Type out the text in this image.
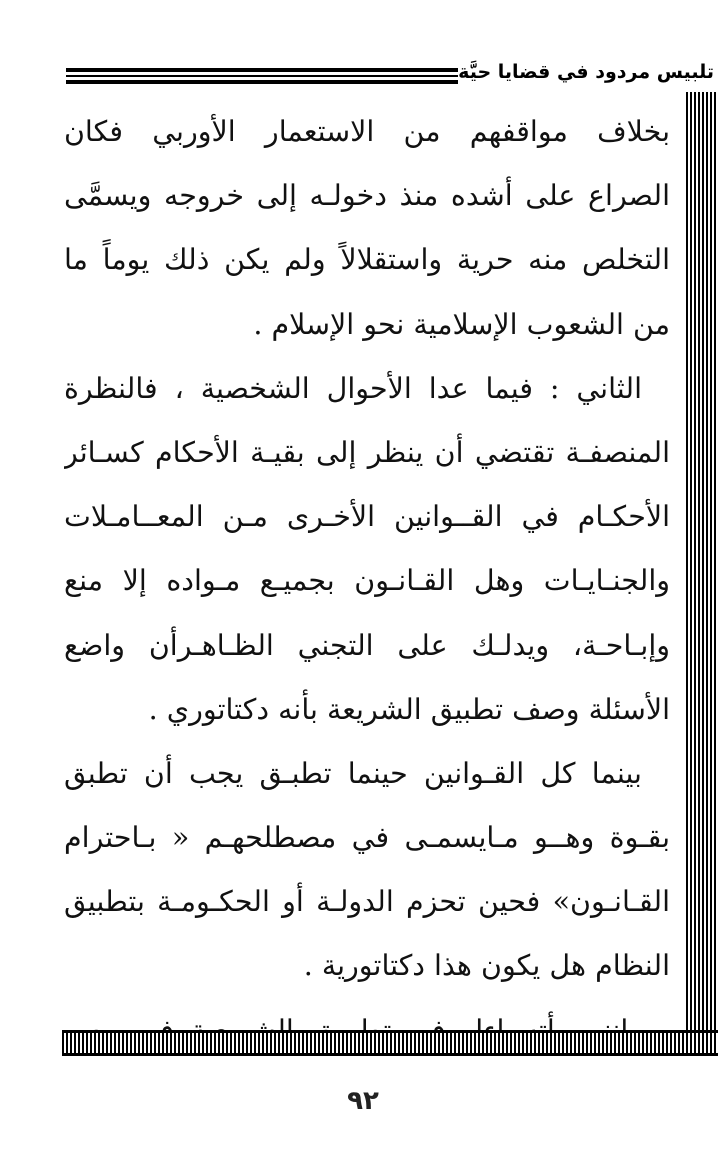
تلبيس مردود في قضايا حيَّة
بخلاف مواقفهم من الاستعمار الأوربي فكان
الصراع على أشده منذ دخولـه إلى خروجه ويسمَّى
التخلص منه حرية واستقلالاً ولم يكن ذلك يوماً ما
من الشعوب الإسلامية نحو الإسلام .
الثاني : فيما عدا الأحوال الشخصية ، فالنظرة
المنصفـة تقتضي أن ينظر إلى بقيـة الأحكام كسـائر
الأحكـام في القــوانين الأخـرى مـن المعــامـلات
والجنـايـات وهل القـانـون بجميـع مـواده إلا منع
وإبـاحـة، ويدلـك على التجني الظـاهـرأن واضع
الأسئلة وصف تطبيق الشريعة بأنه دكتاتوري .
بينما كل القـوانين حينما تطبـق يجب أن تطبق
بقـوة وهــو مـايسمـى في مصطلحهـم « بـاحترام
القـانـون» فحين تحزم الدولـة أو الحكـومـة بتطبيق
النظام هل يكون هذا دكتاتورية .
٩٢
